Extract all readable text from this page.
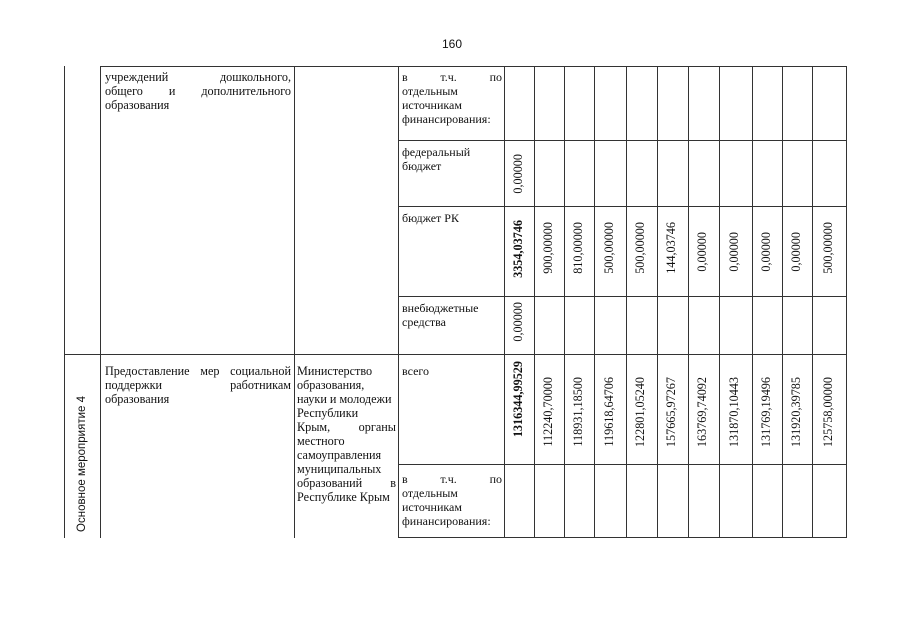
160
учреждений дошкольного,
общего и дополнительного
образования
в т.ч. по
отдельным
источникам
финансирования:
федеральный
бюджет
бюджет РК
внебюджетные
средства
0,00000
3354,03746 900,00000 810,00000 500,00000 500,00000 144,03746 0,00000 0,00000 0,00000 0,00000 500,00000
0,00000
Основное мероприятие 4
Предоставление мер социальной
поддержки работникам
образования
Министерство
образования,
науки и молодежи
Республики
Крым, органы
местного
самоуправления
муниципальных
образований в
Республике Крым
всего
в т.ч. по
отдельным
источникам
финансирования:
1316344,99529 112240,70000 118931,18500 119618,64706 122801,05240 157665,97267 163769,74092 131870,10443 131769,19496 131920,39785 125758,00000
